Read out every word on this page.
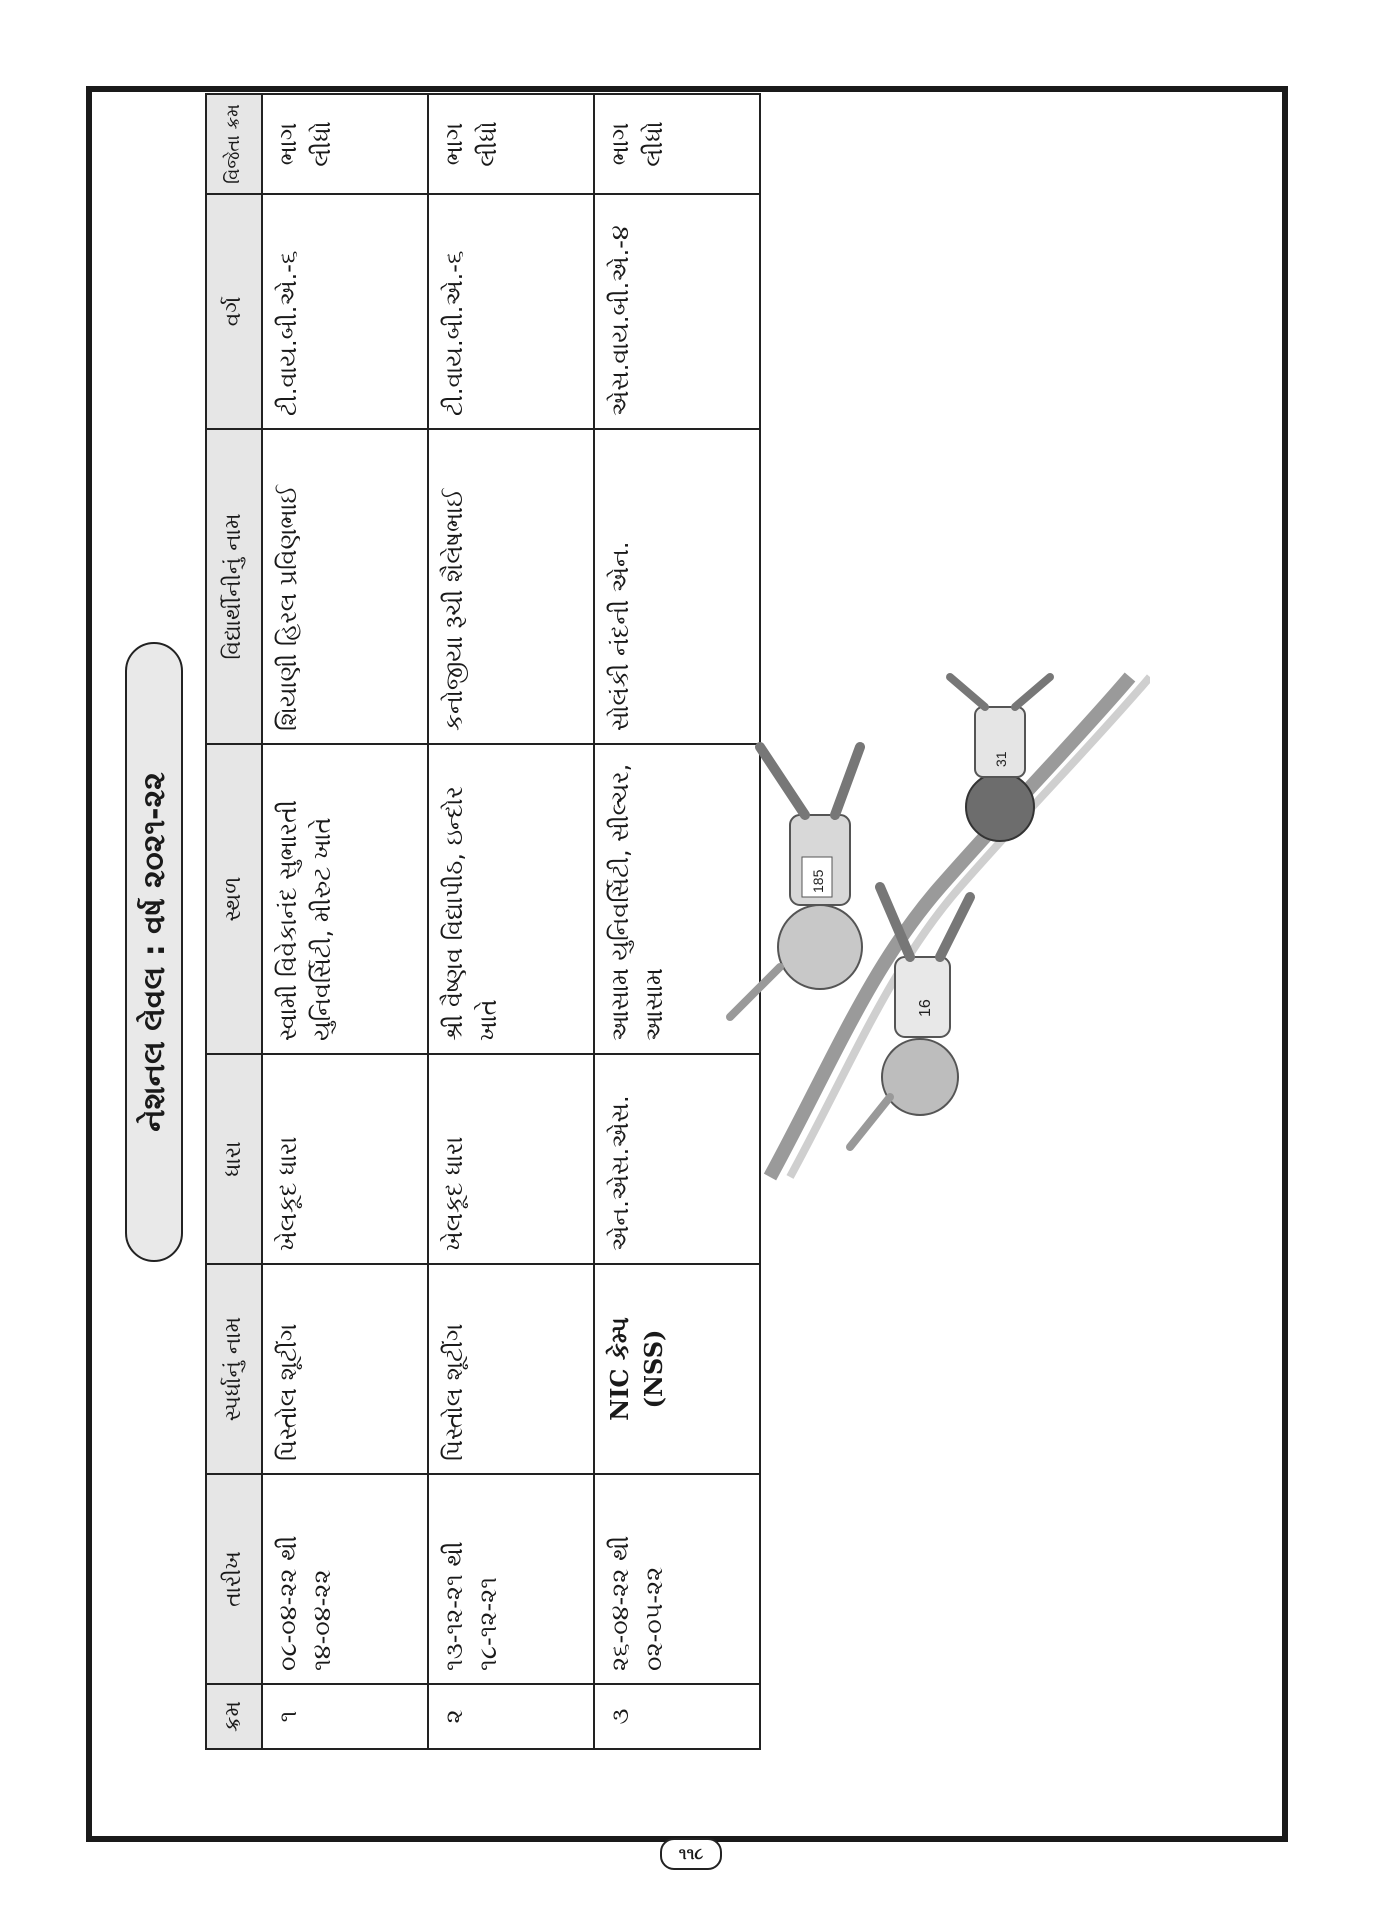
નેશનલ લેવલ : વર્ષ ૨૦૨૧-૨૨
ક્રમ	તારીખ	સ્પર્ધાનું નામ	ધારા	સ્થળ	વિદ્યાર્થીનીનું નામ	વર્ગ	વિજેતા ક્રમ
૧	૦૮-૦૪-૨૨ થી ૧૪-૦૪-૨૨	પિસ્તોલ શૂટીંગ	ખેલકૂદ ધારા	સ્વામી વિવેકાનંદ સુભારતી યુનિવર્સિટી, મીરુટ ખાતે	શિયાણી હિરલ પ્રવિણભાઈ	ટી.વાય.બી.એ.-૬	ભાગ લીધો
૨	૧૩-૧૨-૨૧ થી ૧૮-૧૨-૨૧	પિસ્તોલ શૂટીંગ	ખેલકૂદ ધારા	શ્રી વૈષ્ણવ વિદ્યાપીઠ, ઇન્દોર ખાતે	કનોજીયા રૂચી શૈલેષભાઈ	ટી.વાય.બી.એ.-૬	ભાગ લીધો
૩	૨૬-૦૪-૨૨ થી ૦૨-૦૫-૨૨	NIC કેમ્પ (NSS)	એન.એસ.એસ.	આસામ યુનિવર્સિટી, સીલ્ચર, આસામ	સોલંકી નંદની એન.	એસ.વાય.બી.એ.-૪	ભાગ લીધો
16
185
31
૧૧૮
